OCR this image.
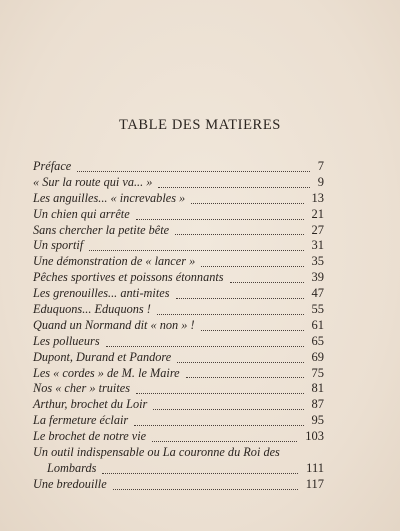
TABLE DES MATIERES
Préface	7
« Sur la route qui va... »	9
Les anguilles... « increvables »	13
Un chien qui arrête	21
Sans chercher la petite bête	27
Un sportif	31
Une démonstration de « lancer »	35
Pêches sportives et poissons étonnants	39
Les grenouilles... anti-mites	47
Eduquons... Eduquons !	55
Quand un Normand dit « non » !	61
Les pollueurs	65
Dupont, Durand et Pandore	69
Les « cordes » de M. le Maire	75
Nos « cher » truites	81
Arthur, brochet du Loir	87
La fermeture éclair	95
Le brochet de notre vie	103
Un outil indispensable ou La couronne du Roi des
Lombards	111
Une bredouille	117
